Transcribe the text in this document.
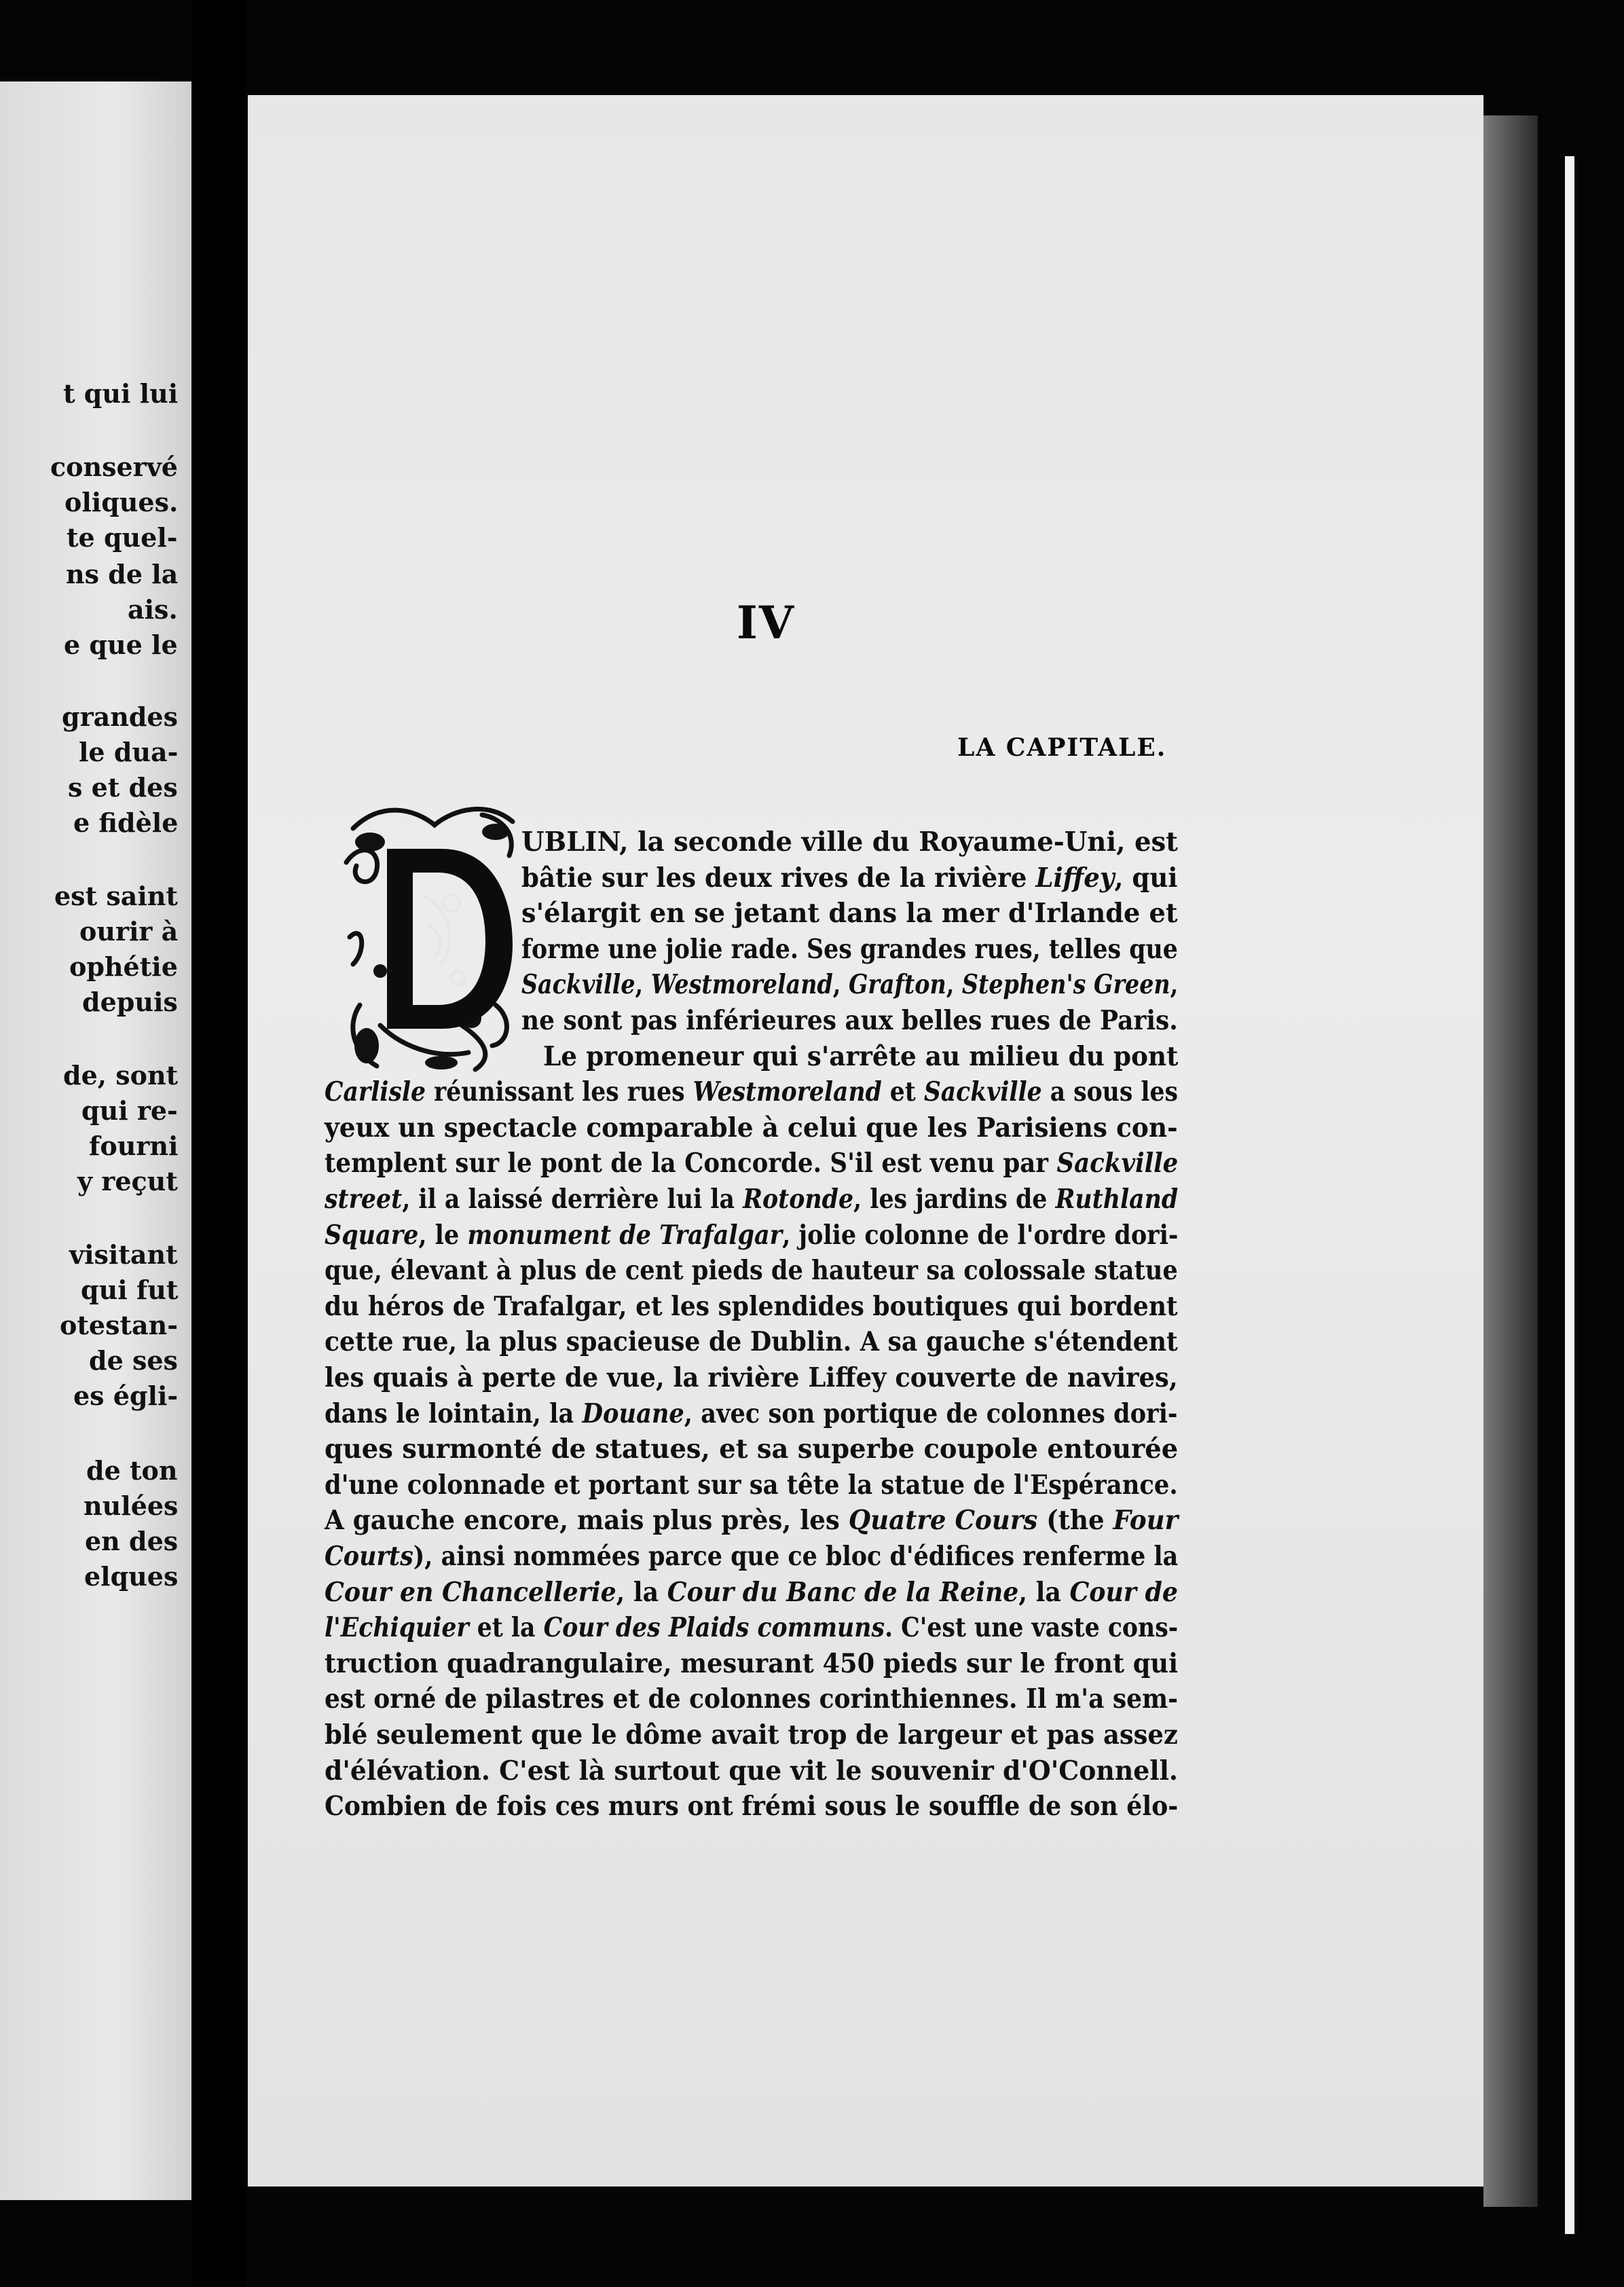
IV
LA CAPITALE.
t qui lui
conservé
oliques.
te quel-
ns de la
ais.
e que le
grandes
le dua-
s et des
e fidèle
est saint
ourir à
ophétie
depuis
de, sont
qui re-
fourni
y reçut
visitant
qui fut
otestan-
de ses
es égli-
de ton
nulées
en des
elques
UBLIN, la seconde ville du Royaume-Uni, est
bâtie sur les deux rives de la rivière Liffey, qui
s'élargit en se jetant dans la mer d'Irlande et
forme une jolie rade. Ses grandes rues, telles que
Sackville, Westmoreland, Grafton, Stephen's Green,
ne sont pas inférieures aux belles rues de Paris.
Le promeneur qui s'arrête au milieu du pont
Carlisle réunissant les rues Westmoreland et Sackville a sous les
yeux un spectacle comparable à celui que les Parisiens con-
templent sur le pont de la Concorde. S'il est venu par Sackville
street, il a laissé derrière lui la Rotonde, les jardins de Ruthland
Square, le monument de Trafalgar, jolie colonne de l'ordre dori-
que, élevant à plus de cent pieds de hauteur sa colossale statue
du héros de Trafalgar, et les splendides boutiques qui bordent
cette rue, la plus spacieuse de Dublin. A sa gauche s'étendent
les quais à perte de vue, la rivière Liffey couverte de navires,
dans le lointain, la Douane, avec son portique de colonnes dori-
ques surmonté de statues, et sa superbe coupole entourée
d'une colonnade et portant sur sa tête la statue de l'Espérance.
A gauche encore, mais plus près, les Quatre Cours (the Four
Courts), ainsi nommées parce que ce bloc d'édifices renferme la
Cour en Chancellerie, la Cour du Banc de la Reine, la Cour de
l'Echiquier et la Cour des Plaids communs. C'est une vaste cons-
truction quadrangulaire, mesurant 450 pieds sur le front qui
est orné de pilastres et de colonnes corinthiennes. Il m'a sem-
blé seulement que le dôme avait trop de largeur et pas assez
d'élévation. C'est là surtout que vit le souvenir d'O'Connell.
Combien de fois ces murs ont frémi sous le souffle de son élo-
